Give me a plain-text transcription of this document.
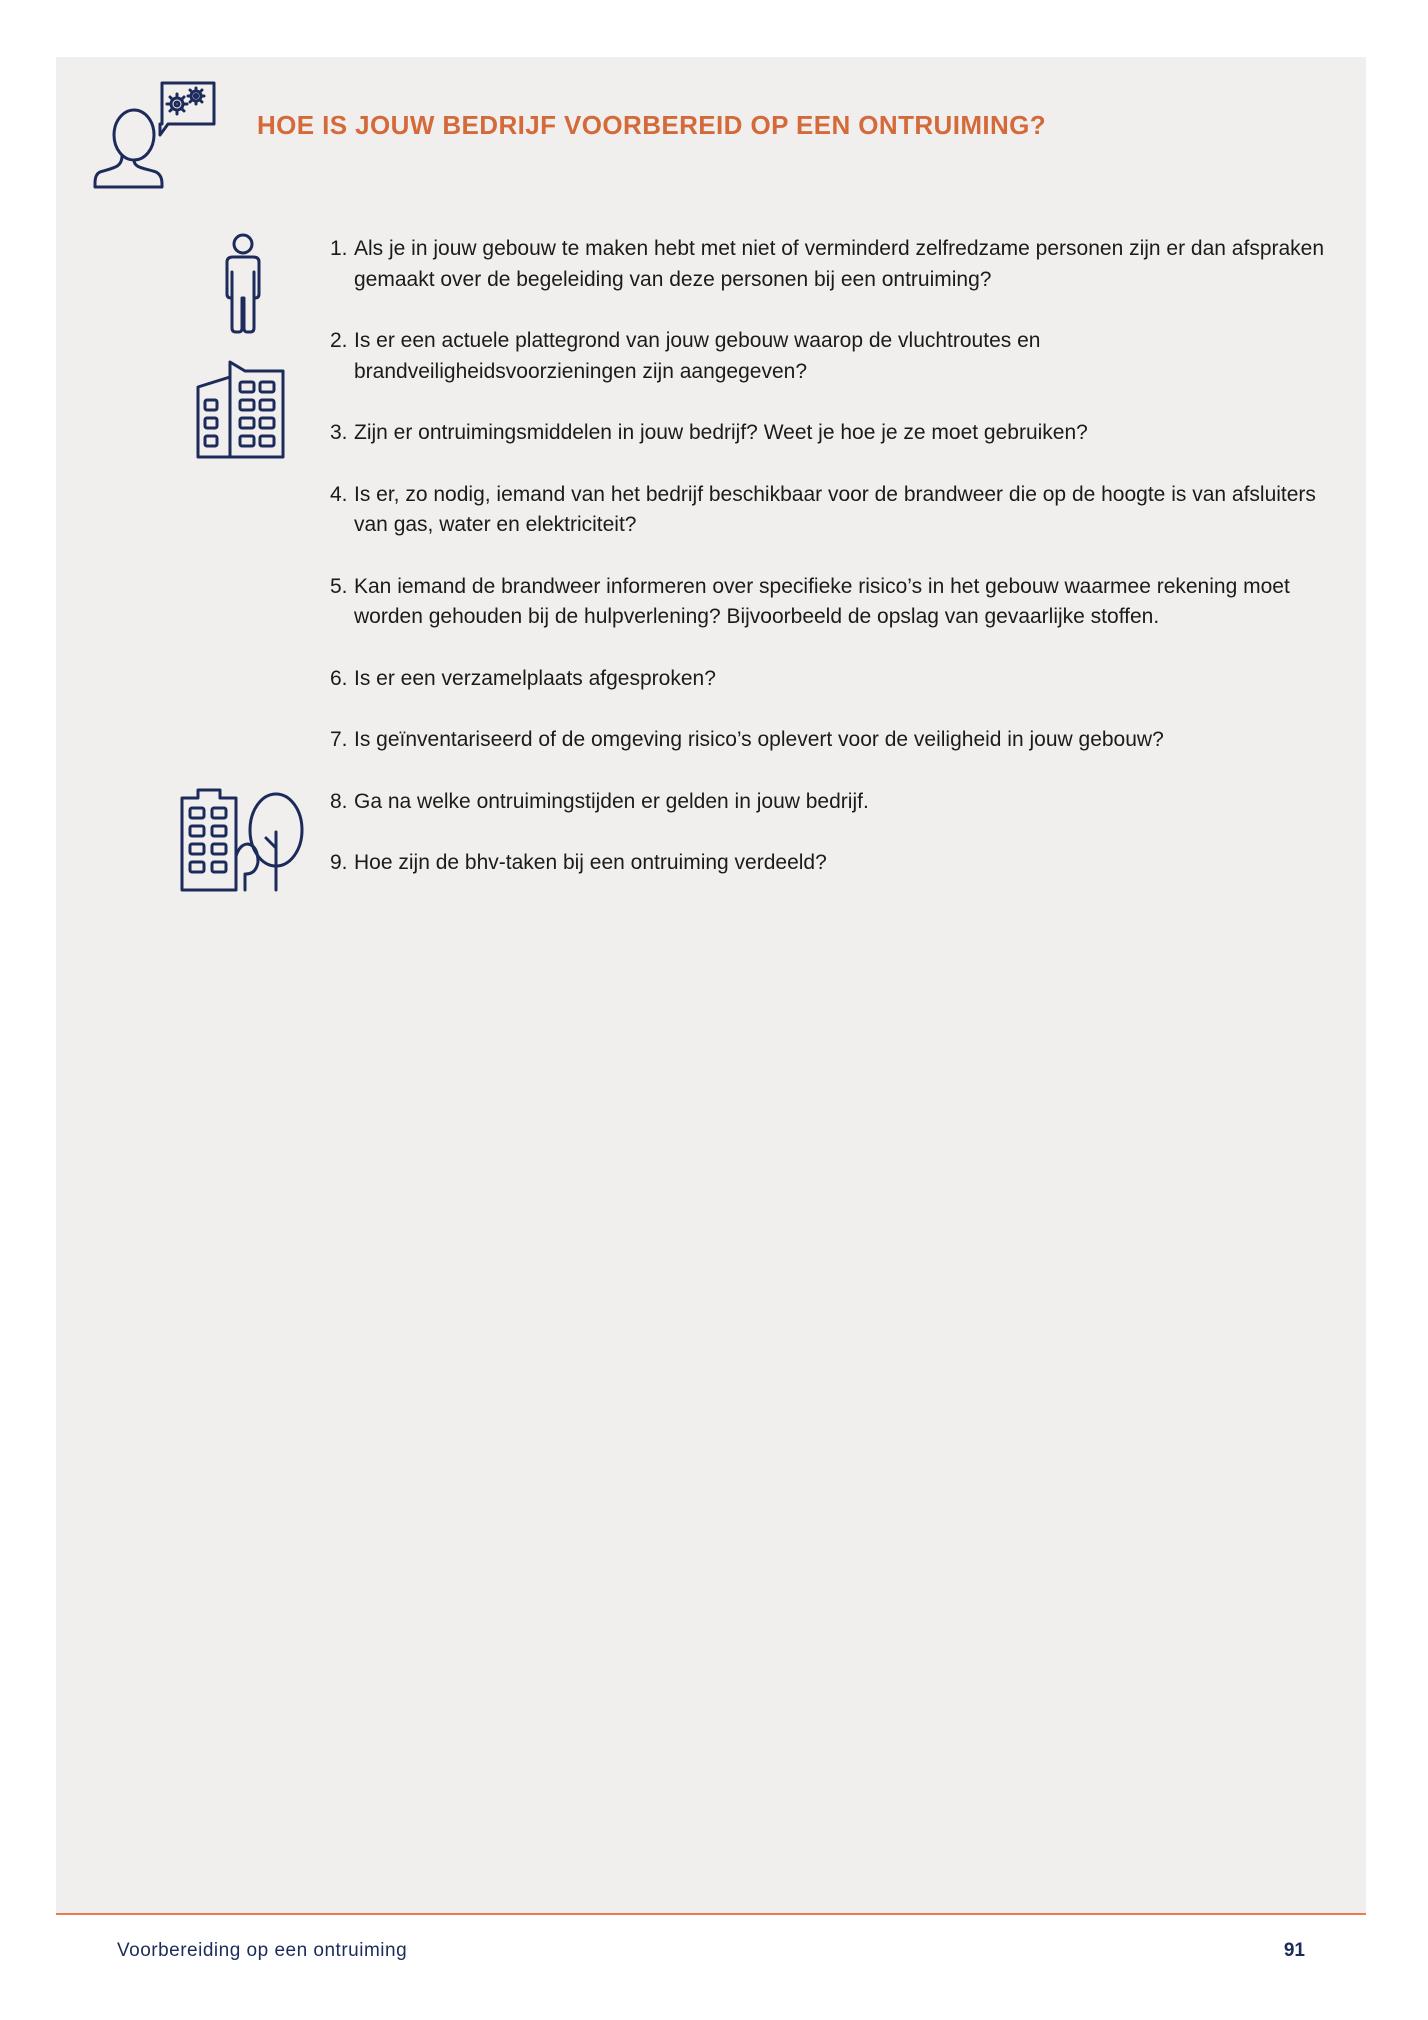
HOE IS JOUW BEDRIJF VOORBEREID OP EEN ONTRUIMING?
1. Als je in jouw gebouw te maken hebt met niet of verminderd zelfredzame personen zijn er dan afspraken gemaakt over de begeleiding van deze personen bij een ontruiming?
2. Is er een actuele plattegrond van jouw gebouw waarop de vluchtroutes en brandveiligheidsvoorzieningen zijn aangegeven?
3. Zijn er ontruimingsmiddelen in jouw bedrijf? Weet je hoe je ze moet gebruiken?
4. Is er, zo nodig, iemand van het bedrijf beschikbaar voor de brandweer die op de hoogte is van afsluiters van gas, water en elektriciteit?
5. Kan iemand de brandweer informeren over specifieke risico’s in het gebouw waarmee rekening moet worden gehouden bij de hulpverlening? Bijvoorbeeld de opslag van gevaarlijke stoffen.
6. Is er een verzamelplaats afgesproken?
7. Is geïnventariseerd of de omgeving risico’s oplevert voor de veiligheid in jouw gebouw?
8. Ga na welke ontruimingstijden er gelden in jouw bedrijf.
9. Hoe zijn de bhv-taken bij een ontruiming verdeeld?
Voorbereiding op een ontruiming	91
